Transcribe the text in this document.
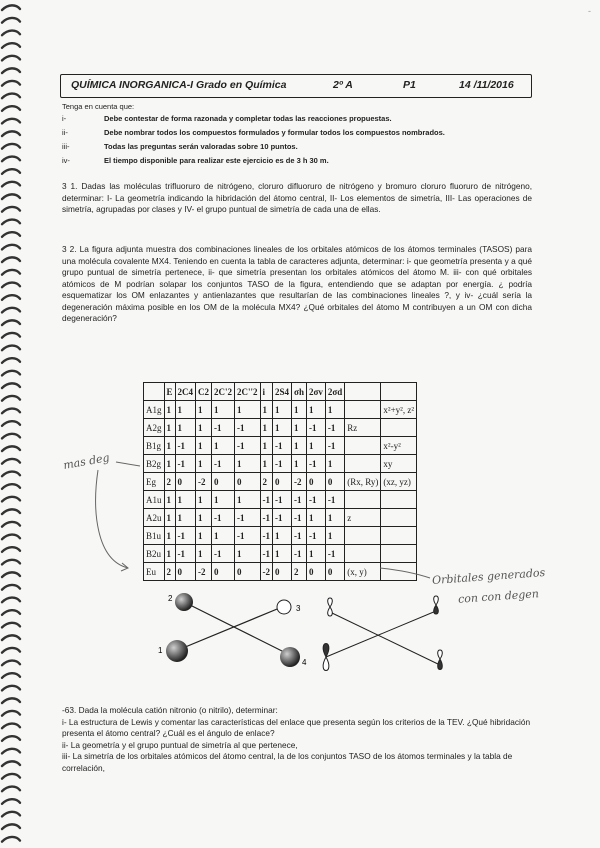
-
QUÍMICA INORGANICA-I Grado en Química	2º A	P1	14 /11/2016

Tenga en cuenta que:

i-	Debe contestar de forma razonada y completar todas las reacciones propuestas.
ii-	Debe nombrar todos los compuestos formulados y formular todos los compuestos nombrados.
iii-	Todas las preguntas serán valoradas sobre 10 puntos.
iv-	El tiempo disponible para realizar este ejercicio es de 3 h 30 m.
3 1. Dadas las moléculas trifluoruro de nitrógeno, cloruro difluoruro de nitrógeno y bromuro cloruro fluoruro de nitrógeno, determinar: I- La geometría indicando la hibridación del átomo central, II- Los elementos de simetría, III- Las operaciones de simetría, agrupadas por clases y IV- el grupo puntual de simetría de cada una de ellas.
3 2. La figura adjunta muestra dos combinaciones lineales de los orbitales atómicos de los átomos terminales (TASOS) para una molécula covalente MX4. Teniendo en cuenta la tabla de caracteres adjunta, determinar: i- que geometría presenta y a qué grupo puntual de simetría pertenece, ii- que simetría presentan los orbitales atómicos del átomo M. iii- con qué orbitales atómicos de M podrían solapar los conjuntos TASO de la figura, entendiendo que se adaptan por energía. ¿ podría esquematizar los OM enlazantes y antienlazantes que resultarían de las combinaciones lineales ?, y iv- ¿cuál sería la degeneración máxima posible en los OM de la molécula MX4? ¿Qué orbitales del átomo M contribuyen a un OM con dicha degeneración?
	E	2C4	C2	2C'2	2C''2	i	2S4	σh	2σv	2σd		
A1g	1	1	1	1	1	1	1	1	1	1		x²+y², z²
A2g	1	1	1	-1	-1	1	1	1	-1	-1	Rz	
B1g	1	-1	1	1	-1	1	-1	1	1	-1		x²-y²
B2g	1	-1	1	-1	1	1	-1	1	-1	1		xy
Eg	2	0	-2	0	0	2	0	-2	0	0	(Rx, Ry)	(xz, yz)
A1u	1	1	1	1	1	-1	-1	-1	-1	-1		
A2u	1	1	1	-1	-1	-1	-1	-1	1	1	z	
B1u	1	-1	1	1	-1	-1	1	-1	-1	1		
B2u	1	-1	1	-1	1	-1	1	-1	1	-1		
Eu	2	0	-2	0	0	-2	0	2	0	0	(x, y)	
mas deg
Orbitales generados
con con degen
2
3
1
4
-63. Dada la molécula catión nitronio (o nitrilo), determinar:
i- La estructura de Lewis y comentar las características del enlace que presenta según los criterios de la TEV. ¿Qué hibridación presenta el átomo central? ¿Cuál es el ángulo de enlace?
ii- La geometría y el grupo puntual de simetría al que pertenece,
iii- La simetría de los orbitales atómicos del átomo central, la de los conjuntos TASO de los átomos terminales y la tabla de correlación,
